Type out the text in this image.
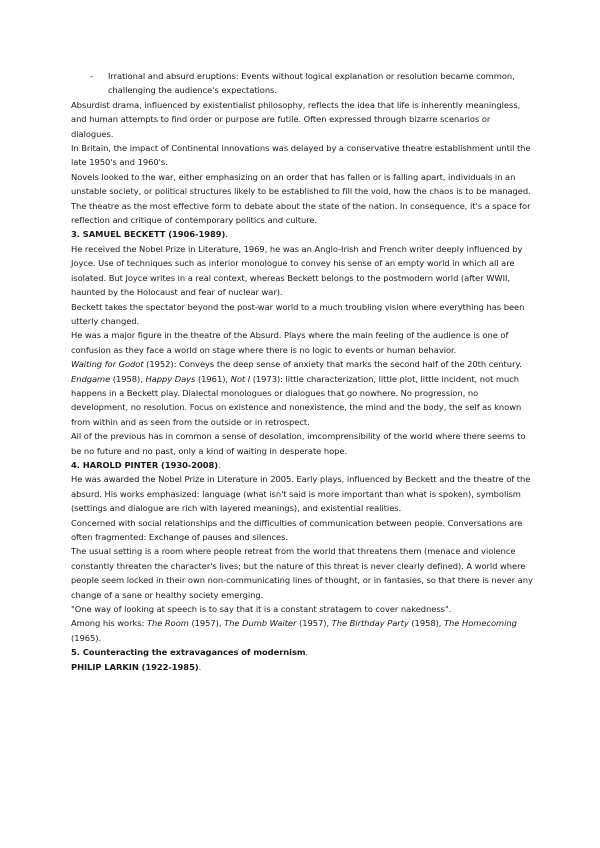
- Irrational and absurd eruptions: Events without logical explanation or resolution became common, challenging the audience's expectations.

Absurdist drama, influenced by existentialist philosophy, reflects the idea that life is inherently meaningless, and human attempts to find order or purpose are futile. Often expressed through bizarre scenarios or dialogues.

In Britain, the impact of Continental innovations was delayed by a conservative theatre establishment until the late 1950's and 1960's.

Novels looked to the war, either emphasizing on an order that has fallen or is falling apart, individuals in an unstable society, or political structures likely to be established to fill the void, how the chaos is to be managed.

The theatre as the most effective form to debate about the state of the nation. In consequence, it's a space for reflection and critique of contemporary politics and culture.

3. SAMUEL BECKETT (1906-1989).

He received the Nobel Prize in Literature, 1969, he was an Anglo-Irish and French writer deeply influenced by Joyce. Use of techniques such as interior monologue to convey his sense of an empty world in which all are isolated. But Joyce writes in a real context, whereas Beckett belongs to the postmodern world (after WWII, haunted by the Holocaust and fear of nuclear war).

Beckett takes the spectator beyond the post-war world to a much troubling vision where everything has been utterly changed.

He was a major figure in the theatre of the Absurd. Plays where the main feeling of the audience is one of confusion as they face a world on stage where there is no logic to events or human behavior.

Waiting for Godot (1952): Conveys the deep sense of anxiety that marks the second half of the 20th century.

Endgame (1958), Happy Days (1961), Not I (1973): little characterization, little plot, little incident, not much happens in a Beckett play. Dialectal monologues or dialogues that go nowhere. No progression, no development, no resolution. Focus on existence and nonexistence, the mind and the body, the self as known from within and as seen from the outside or in retrospect.

All of the previous has in common a sense of desolation, imcomprensibility of the world where there seems to be no future and no past, only a kind of waiting in desperate hope.

4. HAROLD PINTER (1930-2008).

He was awarded the Nobel Prize in Literature in 2005. Early plays, influenced by Beckett and the theatre of the absurd. His works emphasized: language (what isn't said is more important than what is spoken), symbolism (settings and dialogue are rich with layered meanings), and existential realities.

Concerned with social relationships and the difficulties of communication between people. Conversations are often fragmented: Exchange of pauses and silences.

The usual setting is a room where people retreat from the world that threatens them (menace and violence constantly threaten the character's lives; but the nature of this threat is never clearly defined). A world where people seem locked in their own non-communicating lines of thought, or in fantasies, so that there is never any change of a sane or healthy society emerging.

"One way of looking at speech is to say that it is a constant stratagem to cover nakedness".

Among his works: The Room (1957), The Dumb Waiter (1957), The Birthday Party (1958), The Homecoming (1965).

5. Counteracting the extravagances of modernism.

PHILIP LARKIN (1922-1985).
